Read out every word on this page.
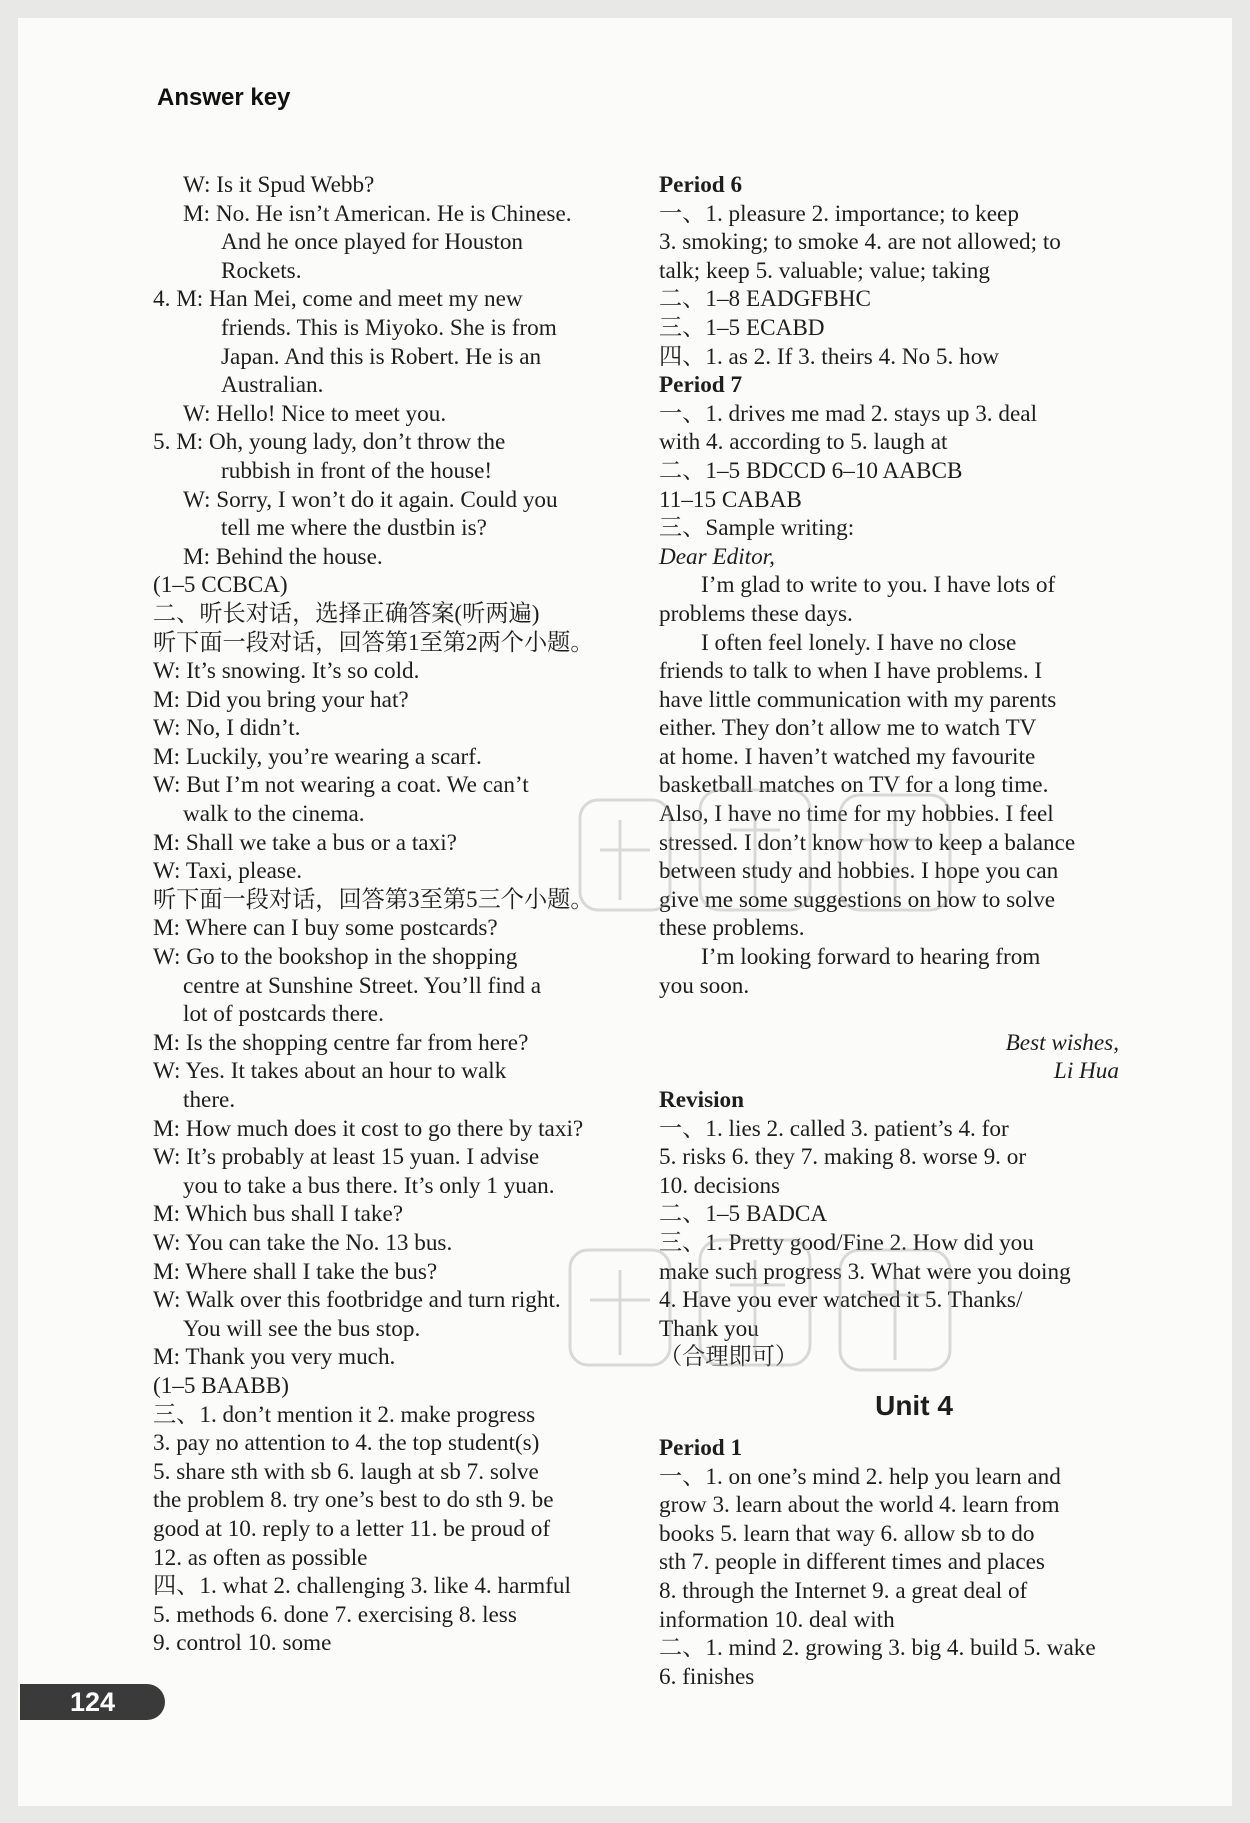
Answer key
W: Is it Spud Webb?
M: No. He isn’t American. He is Chinese.
And he once played for Houston
Rockets.
4. M: Han Mei, come and meet my new
friends. This is Miyoko. She is from
Japan. And this is Robert. He is an
Australian.
W: Hello! Nice to meet you.
5. M: Oh, young lady, don’t throw the
rubbish in front of the house!
W: Sorry, I won’t do it again. Could you
tell me where the dustbin is?
M: Behind the house.
(1–5 CCBCA)
二、听长对话，选择正确答案(听两遍)
听下面一段对话，回答第1至第2两个小题。
W: It’s snowing. It’s so cold.
M: Did you bring your hat?
W: No, I didn’t.
M: Luckily, you’re wearing a scarf.
W: But I’m not wearing a coat. We can’t
walk to the cinema.
M: Shall we take a bus or a taxi?
W: Taxi, please.
听下面一段对话，回答第3至第5三个小题。
M: Where can I buy some postcards?
W: Go to the bookshop in the shopping
centre at Sunshine Street. You’ll find a
lot of postcards there.
M: Is the shopping centre far from here?
W: Yes. It takes about an hour to walk
there.
M: How much does it cost to go there by taxi?
W: It’s probably at least 15 yuan. I advise
you to take a bus there. It’s only 1 yuan.
M: Which bus shall I take?
W: You can take the No. 13 bus.
M: Where shall I take the bus?
W: Walk over this footbridge and turn right.
You will see the bus stop.
M: Thank you very much.
(1–5 BAABB)
三、1. don’t mention it 2. make progress
3. pay no attention to 4. the top student(s)
5. share sth with sb 6. laugh at sb 7. solve
the problem 8. try one’s best to do sth 9. be
good at 10. reply to a letter 11. be proud of
12. as often as possible
四、1. what 2. challenging 3. like 4. harmful
5. methods 6. done 7. exercising 8. less
9. control 10. some
Period 6
一、1. pleasure 2. importance; to keep
3. smoking; to smoke 4. are not allowed; to
talk; keep 5. valuable; value; taking
二、1–8 EADGFBHC
三、1–5 ECABD
四、1. as 2. If 3. theirs 4. No 5. how
Period 7
一、1. drives me mad 2. stays up 3. deal
with 4. according to 5. laugh at
二、1–5 BDCCD 6–10 AABCB
11–15 CABAB
三、Sample writing:
Dear Editor,
I’m glad to write to you. I have lots of
problems these days.
I often feel lonely. I have no close
friends to talk to when I have problems. I
have little communication with my parents
either. They don’t allow me to watch TV
at home. I haven’t watched my favourite
basketball matches on TV for a long time.
Also, I have no time for my hobbies. I feel
stressed. I don’t know how to keep a balance
between study and hobbies. I hope you can
give me some suggestions on how to solve
these problems.
I’m looking forward to hearing from
you soon.
Best wishes,
Li Hua
Revision
一、1. lies 2. called 3. patient’s 4. for
5. risks 6. they 7. making 8. worse 9. or
10. decisions
二、1–5 BADCA
三、1. Pretty good/Fine 2. How did you
make such progress 3. What were you doing
4. Have you ever watched it 5. Thanks/
Thank you
（合理即可）
Unit 4
Period 1
一、1. on one’s mind 2. help you learn and
grow 3. learn about the world 4. learn from
books 5. learn that way 6. allow sb to do
sth 7. people in different times and places
8. through the Internet 9. a great deal of
information 10. deal with
二、1. mind 2. growing 3. big 4. build 5. wake
6. finishes
124
